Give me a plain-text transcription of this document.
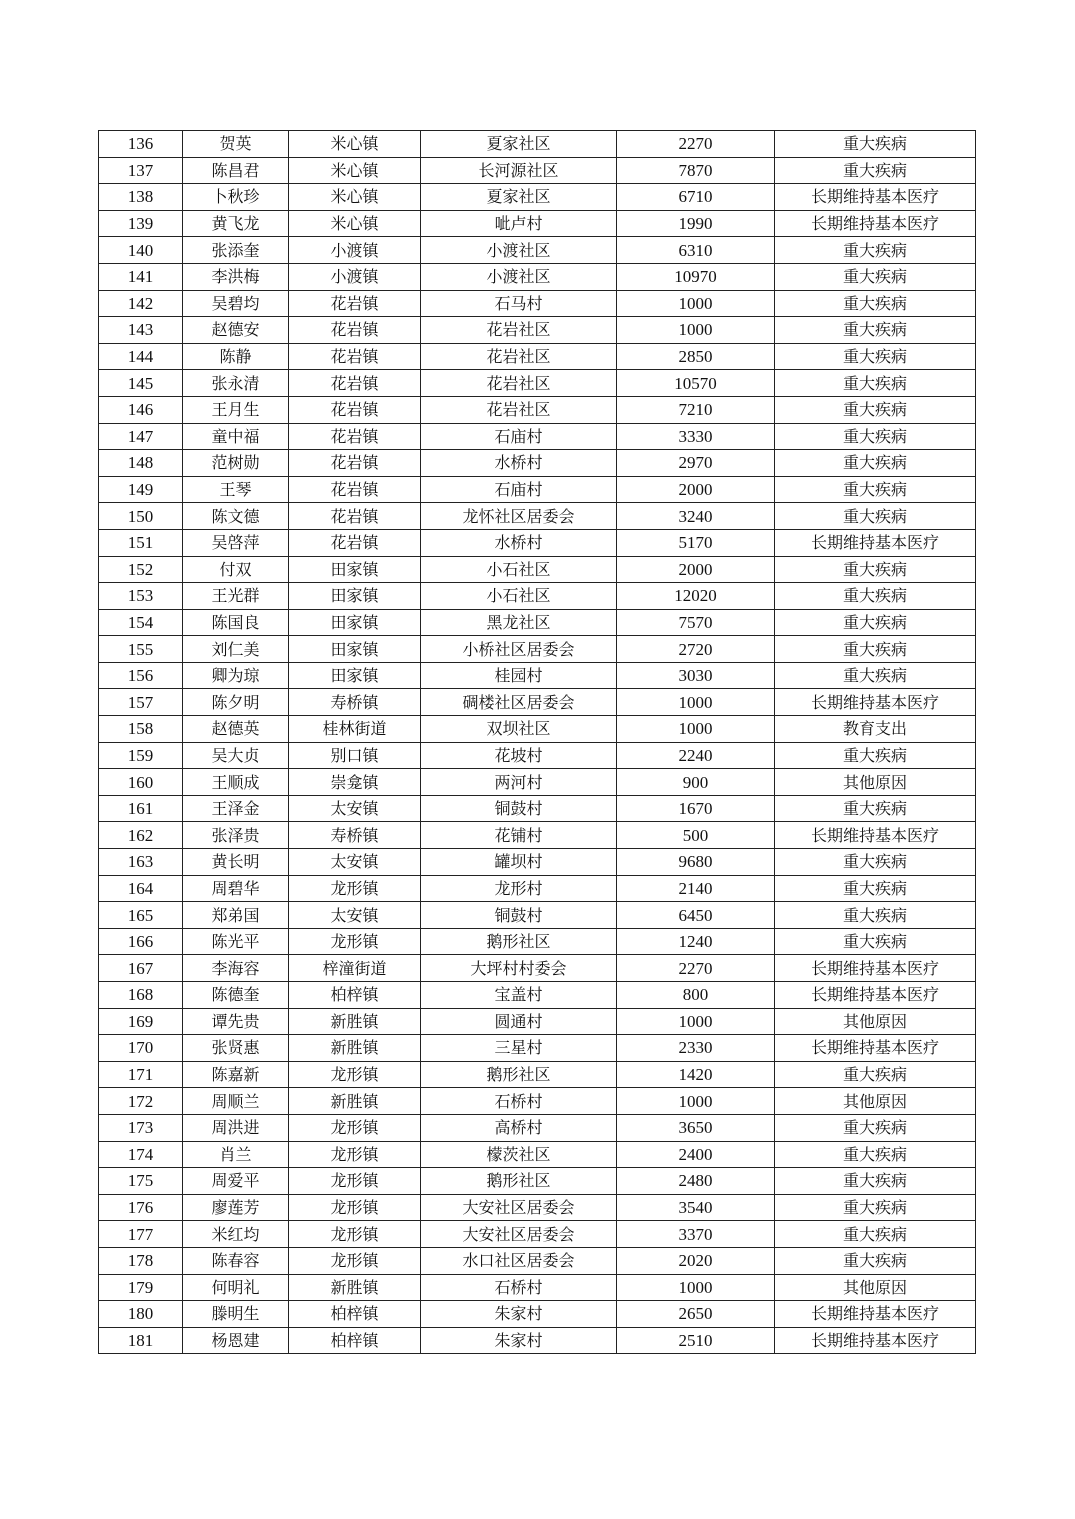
136	贺英	米心镇	夏家社区	2270	重大疾病
137	陈昌君	米心镇	长河源社区	7870	重大疾病
138	卜秋珍	米心镇	夏家社区	6710	长期维持基本医疗
139	黄飞龙	米心镇	呲卢村	1990	长期维持基本医疗
140	张添奎	小渡镇	小渡社区	6310	重大疾病
141	李洪梅	小渡镇	小渡社区	10970	重大疾病
142	吴碧均	花岩镇	石马村	1000	重大疾病
143	赵德安	花岩镇	花岩社区	1000	重大疾病
144	陈静	花岩镇	花岩社区	2850	重大疾病
145	张永清	花岩镇	花岩社区	10570	重大疾病
146	王月生	花岩镇	花岩社区	7210	重大疾病
147	童中福	花岩镇	石庙村	3330	重大疾病
148	范树勋	花岩镇	水桥村	2970	重大疾病
149	王琴	花岩镇	石庙村	2000	重大疾病
150	陈文德	花岩镇	龙怀社区居委会	3240	重大疾病
151	吴啓萍	花岩镇	水桥村	5170	长期维持基本医疗
152	付双	田家镇	小石社区	2000	重大疾病
153	王光群	田家镇	小石社区	12020	重大疾病
154	陈国良	田家镇	黑龙社区	7570	重大疾病
155	刘仁美	田家镇	小桥社区居委会	2720	重大疾病
156	卿为琼	田家镇	桂园村	3030	重大疾病
157	陈夕明	寿桥镇	碉楼社区居委会	1000	长期维持基本医疗
158	赵德英	桂林街道	双坝社区	1000	教育支出
159	吴大贞	别口镇	花坡村	2240	重大疾病
160	王顺成	崇龛镇	两河村	900	其他原因
161	王泽金	太安镇	铜鼓村	1670	重大疾病
162	张泽贵	寿桥镇	花铺村	500	长期维持基本医疗
163	黄长明	太安镇	罐坝村	9680	重大疾病
164	周碧华	龙形镇	龙形村	2140	重大疾病
165	郑弟国	太安镇	铜鼓村	6450	重大疾病
166	陈光平	龙形镇	鹅形社区	1240	重大疾病
167	李海容	梓潼街道	大坪村村委会	2270	长期维持基本医疗
168	陈德奎	柏梓镇	宝盖村	800	长期维持基本医疗
169	谭先贵	新胜镇	圆通村	1000	其他原因
170	张贤惠	新胜镇	三星村	2330	长期维持基本医疗
171	陈嘉新	龙形镇	鹅形社区	1420	重大疾病
172	周顺兰	新胜镇	石桥村	1000	其他原因
173	周洪进	龙形镇	高桥村	3650	重大疾病
174	肖兰	龙形镇	檬茨社区	2400	重大疾病
175	周爱平	龙形镇	鹅形社区	2480	重大疾病
176	廖莲芳	龙形镇	大安社区居委会	3540	重大疾病
177	米红均	龙形镇	大安社区居委会	3370	重大疾病
178	陈春容	龙形镇	水口社区居委会	2020	重大疾病
179	何明礼	新胜镇	石桥村	1000	其他原因
180	滕明生	柏梓镇	朱家村	2650	长期维持基本医疗
181	杨恩建	柏梓镇	朱家村	2510	长期维持基本医疗
